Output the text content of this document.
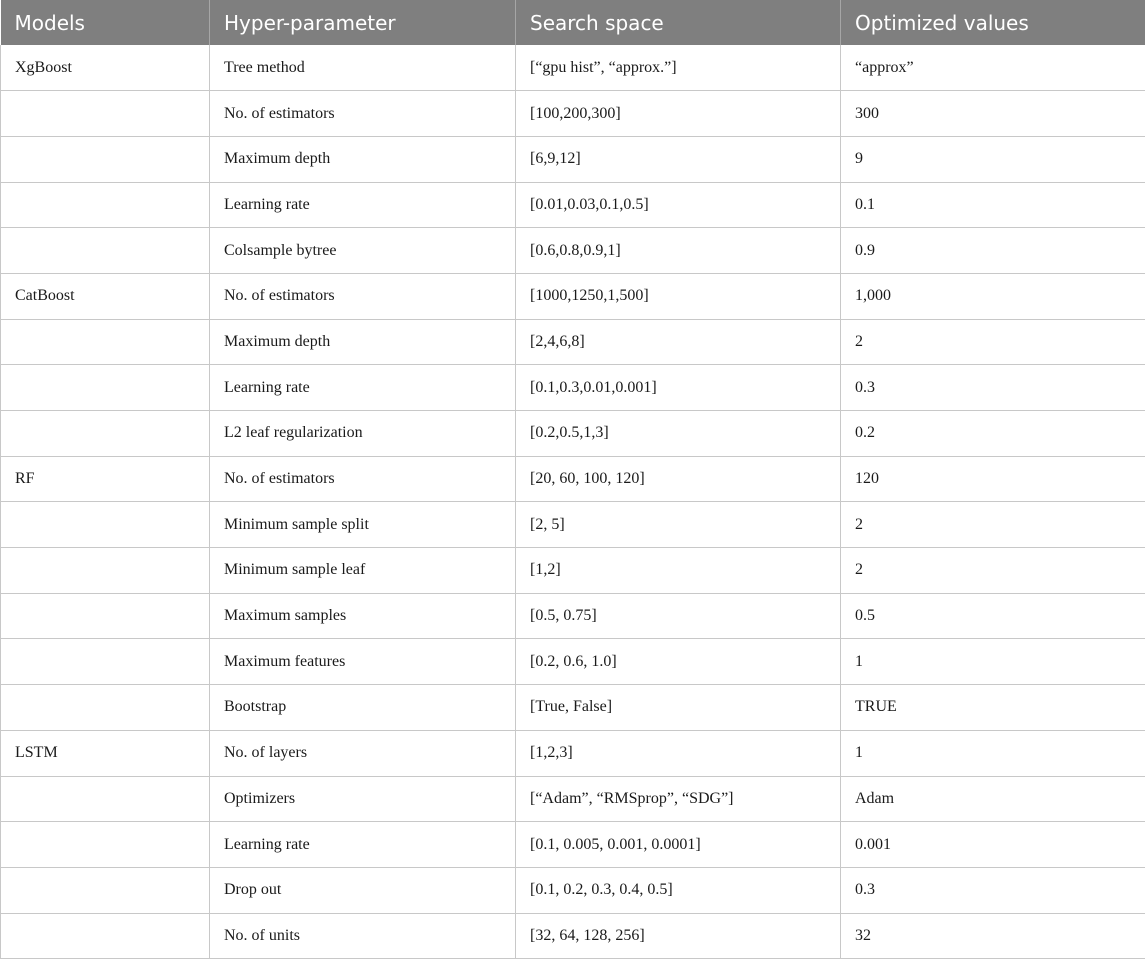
Models	Hyper-parameter	Search space	Optimized values
XgBoost	Tree method	[“gpu hist”, “approx.”]	“approx”
	No. of estimators	[100,200,300]	300
	Maximum depth	[6,9,12]	9
	Learning rate	[0.01,0.03,0.1,0.5]	0.1
	Colsample bytree	[0.6,0.8,0.9,1]	0.9
CatBoost	No. of estimators	[1000,1250,1,500]	1,000
	Maximum depth	[2,4,6,8]	2
	Learning rate	[0.1,0.3,0.01,0.001]	0.3
	L2 leaf regularization	[0.2,0.5,1,3]	0.2
RF	No. of estimators	[20, 60, 100, 120]	120
	Minimum sample split	[2, 5]	2
	Minimum sample leaf	[1,2]	2
	Maximum samples	[0.5, 0.75]	0.5
	Maximum features	[0.2, 0.6, 1.0]	1
	Bootstrap	[True, False]	TRUE
LSTM	No. of layers	[1,2,3]	1
	Optimizers	[“Adam”, “RMSprop”, “SDG”]	Adam
	Learning rate	[0.1, 0.005, 0.001, 0.0001]	0.001
	Drop out	[0.1, 0.2, 0.3, 0.4, 0.5]	0.3
	No. of units	[32, 64, 128, 256]	32
